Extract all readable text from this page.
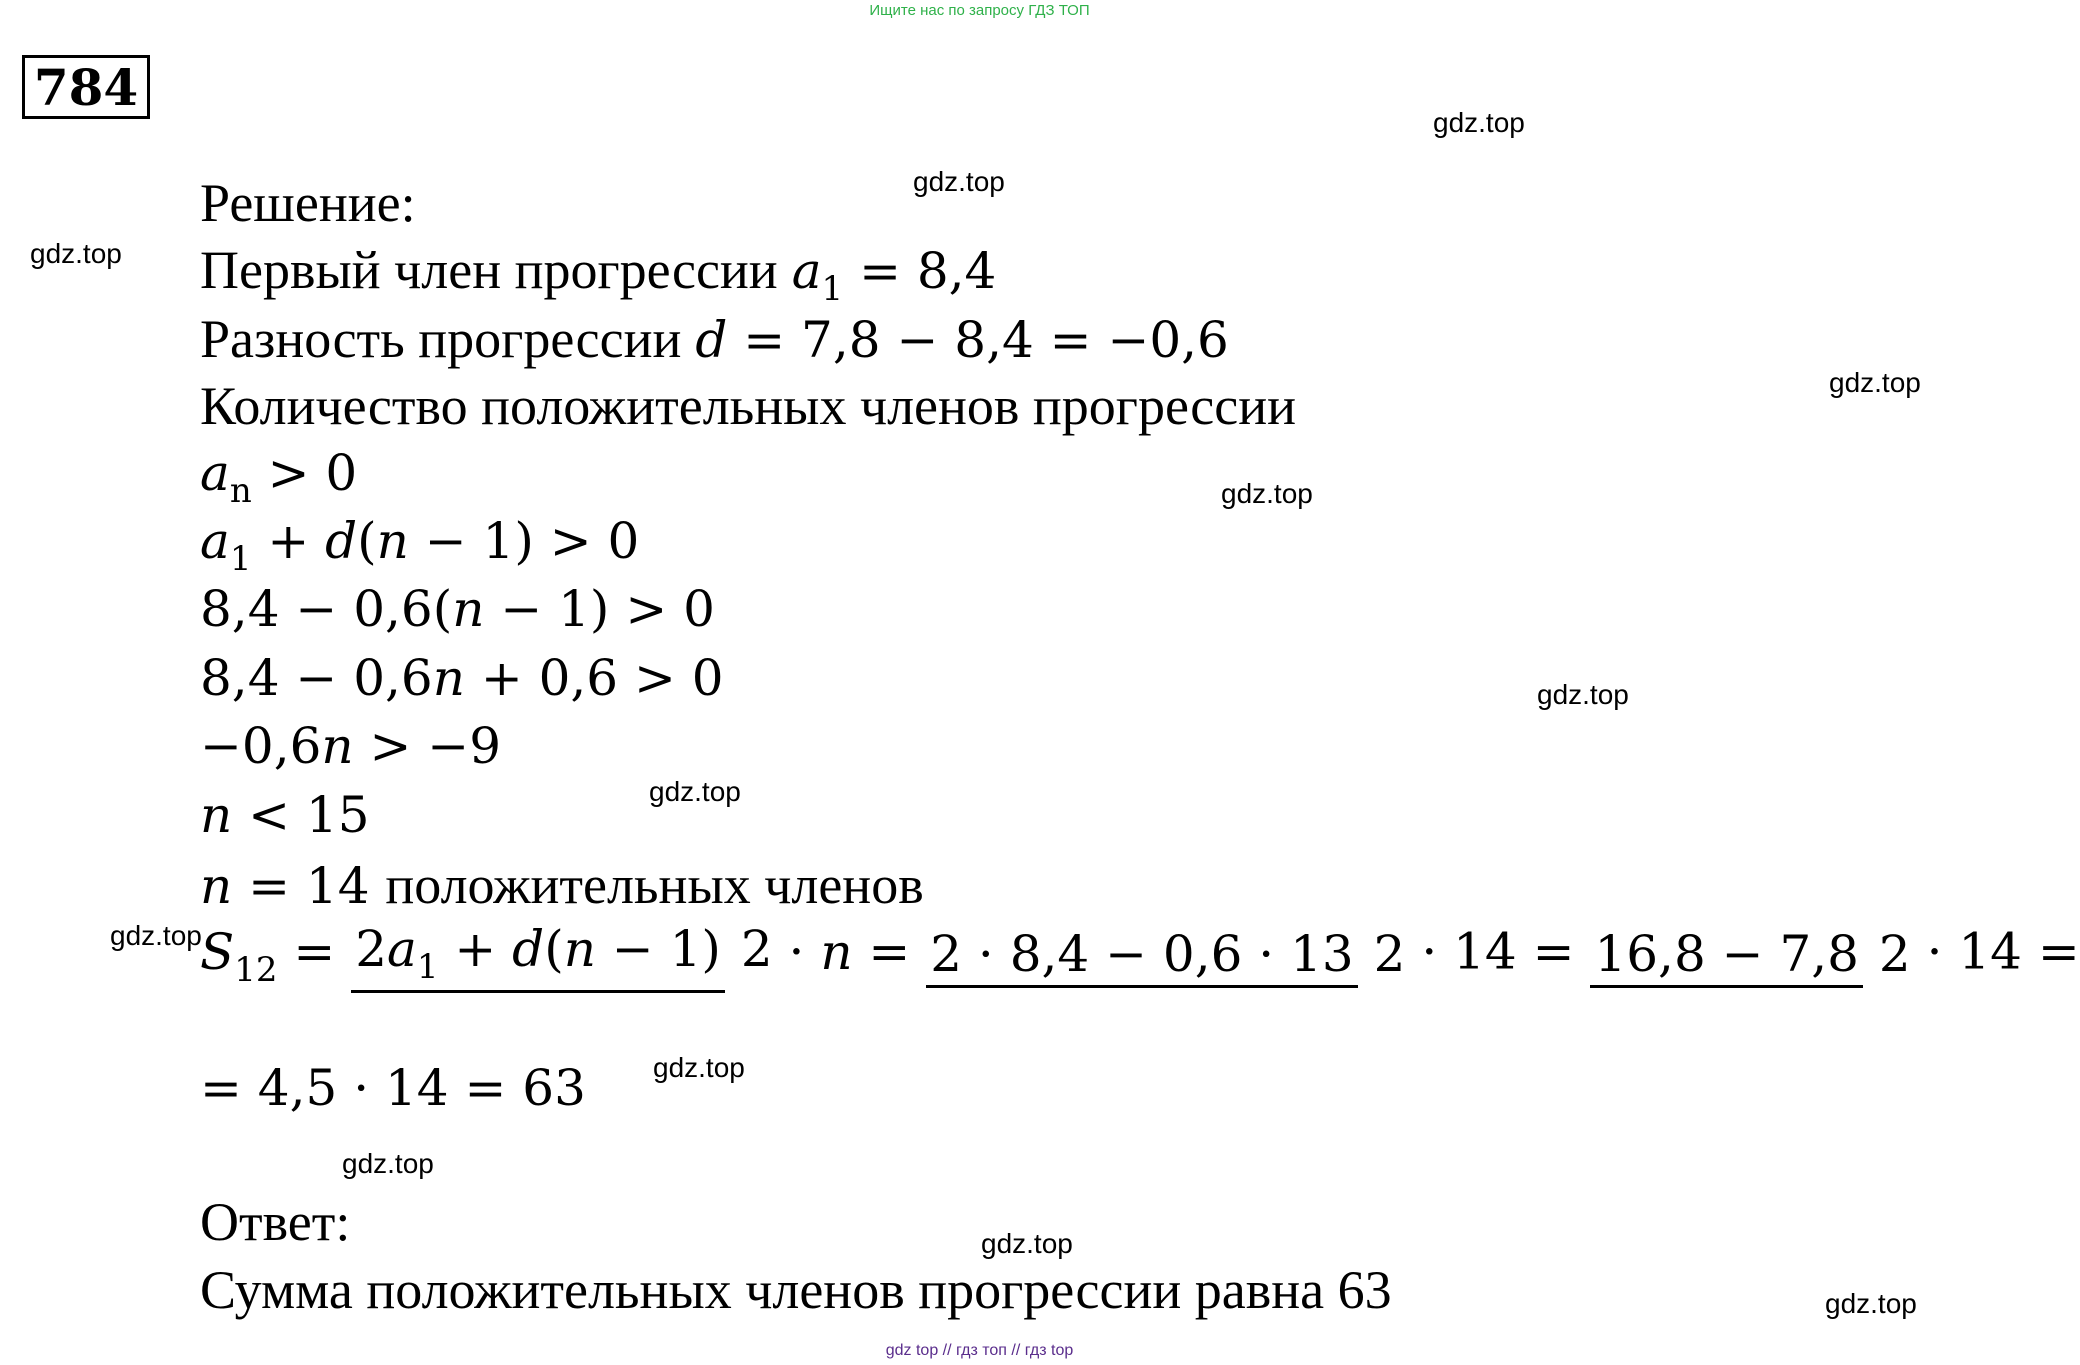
Ищите нас по запросу ГДЗ ТОП
784
gdz.top
gdz.top
gdz.top
gdz.top
gdz.top
gdz.top
gdz.top
gdz.top
gdz.top
gdz.top
gdz.top
gdz.top
Решение:
Первый член прогрессии a1 = 8,4
Разность прогрессии d = 7,8 − 8,4 = −0,6
Количество положительных членов прогрессии
an > 0
a1 + d(n − 1) > 0
8,4 − 0,6(n − 1) > 0
8,4 − 0,6n + 0,6 > 0
−0,6n > −9
n < 15
n = 14 положительных членов
S12 = 2a1 + d(n − 1) 2 · n = 2 · 8,4 − 0,6 · 13 2 · 14 = 16,8 − 7,8 2 · 14 =
= 4,5 · 14 = 63
Ответ:
Сумма положительных членов прогрессии равна 63
gdz top // гдз топ // гдз top
